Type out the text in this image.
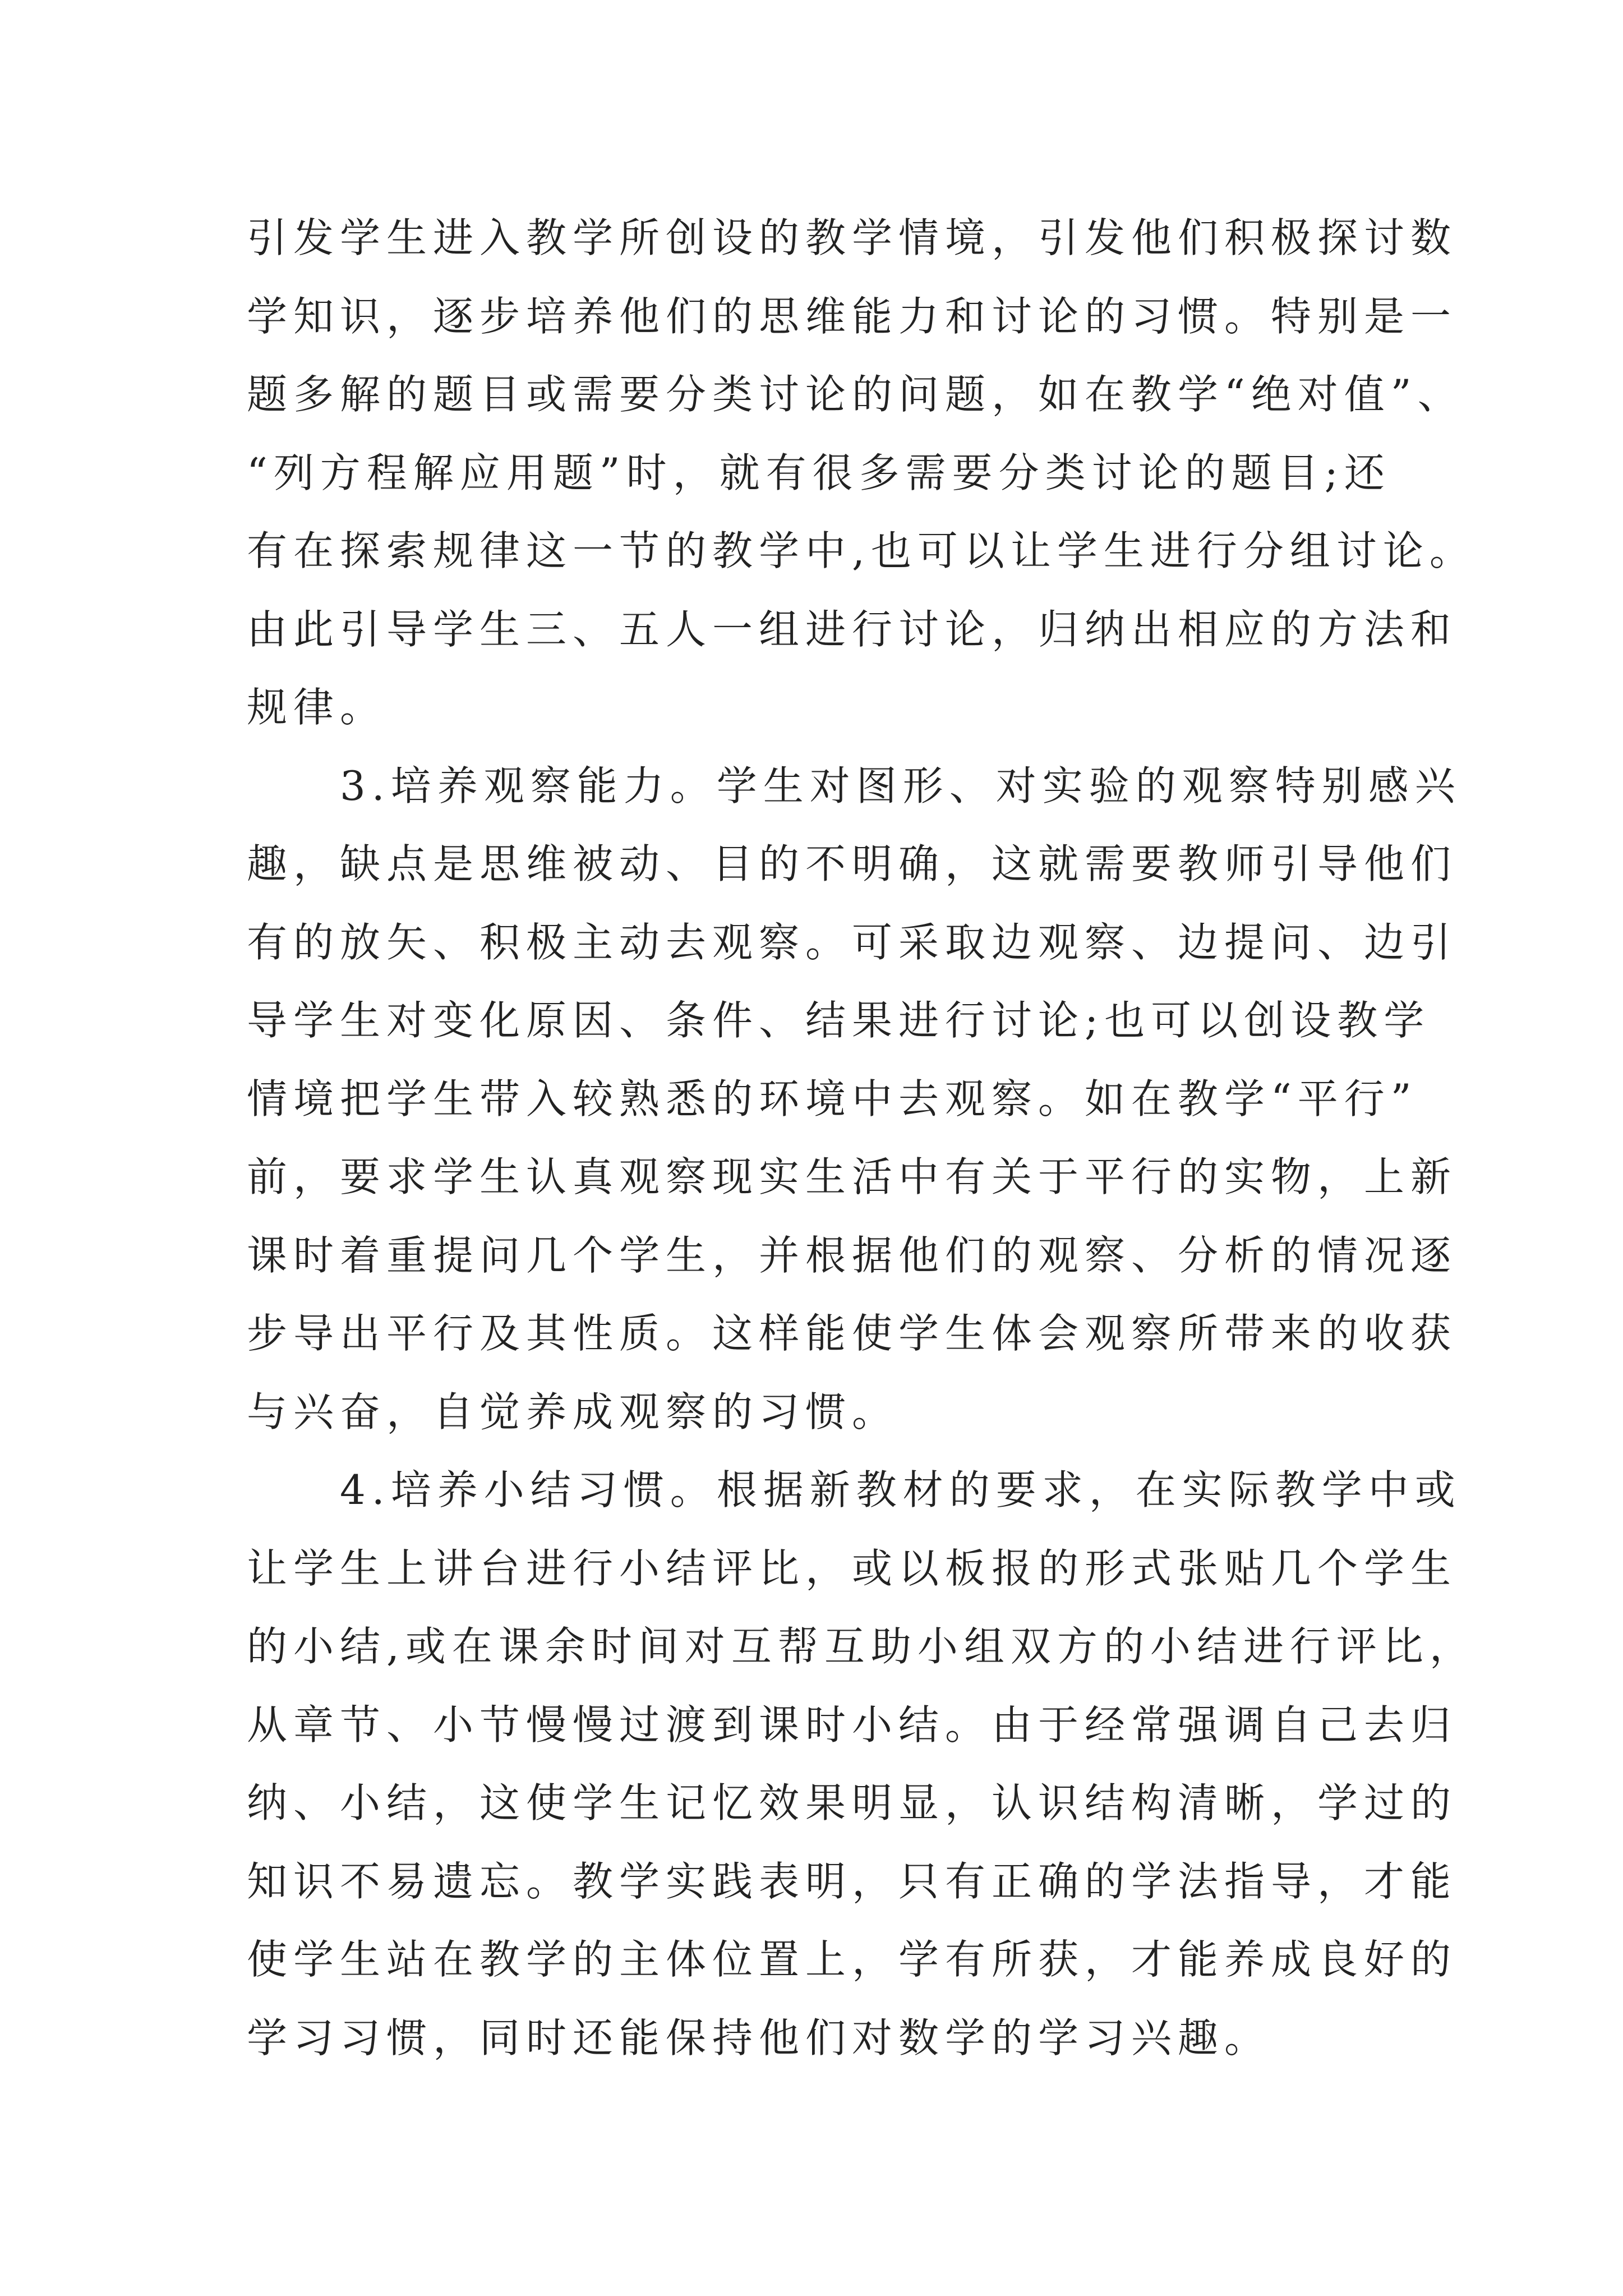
引发学生进入教学所创设的教学情境，引发他们积极探讨数
学知识，逐步培养他们的思维能力和讨论的习惯。特别是一
题多解的题目或需要分类讨论的问题，如在教学“绝对值”、
“列方程解应用题”时，就有很多需要分类讨论的题目;还
有在探索规律这一节的教学中,也可以让学生进行分组讨论。
由此引导学生三、五人一组进行讨论，归纳出相应的方法和
规律。
3.培养观察能力。学生对图形、对实验的观察特别感兴
趣，缺点是思维被动、目的不明确，这就需要教师引导他们
有的放矢、积极主动去观察。可采取边观察、边提问、边引
导学生对变化原因、条件、结果进行讨论;也可以创设教学
情境把学生带入较熟悉的环境中去观察。如在教学“平行”
前，要求学生认真观察现实生活中有关于平行的实物，上新
课时着重提问几个学生，并根据他们的观察、分析的情况逐
步导出平行及其性质。这样能使学生体会观察所带来的收获
与兴奋，自觉养成观察的习惯。
4.培养小结习惯。根据新教材的要求，在实际教学中或
让学生上讲台进行小结评比，或以板报的形式张贴几个学生
的小结,或在课余时间对互帮互助小组双方的小结进行评比，
从章节、小节慢慢过渡到课时小结。由于经常强调自己去归
纳、小结，这使学生记忆效果明显，认识结构清晰，学过的
知识不易遗忘。教学实践表明，只有正确的学法指导，才能
使学生站在教学的主体位置上，学有所获，才能养成良好的
学习习惯，同时还能保持他们对数学的学习兴趣。
